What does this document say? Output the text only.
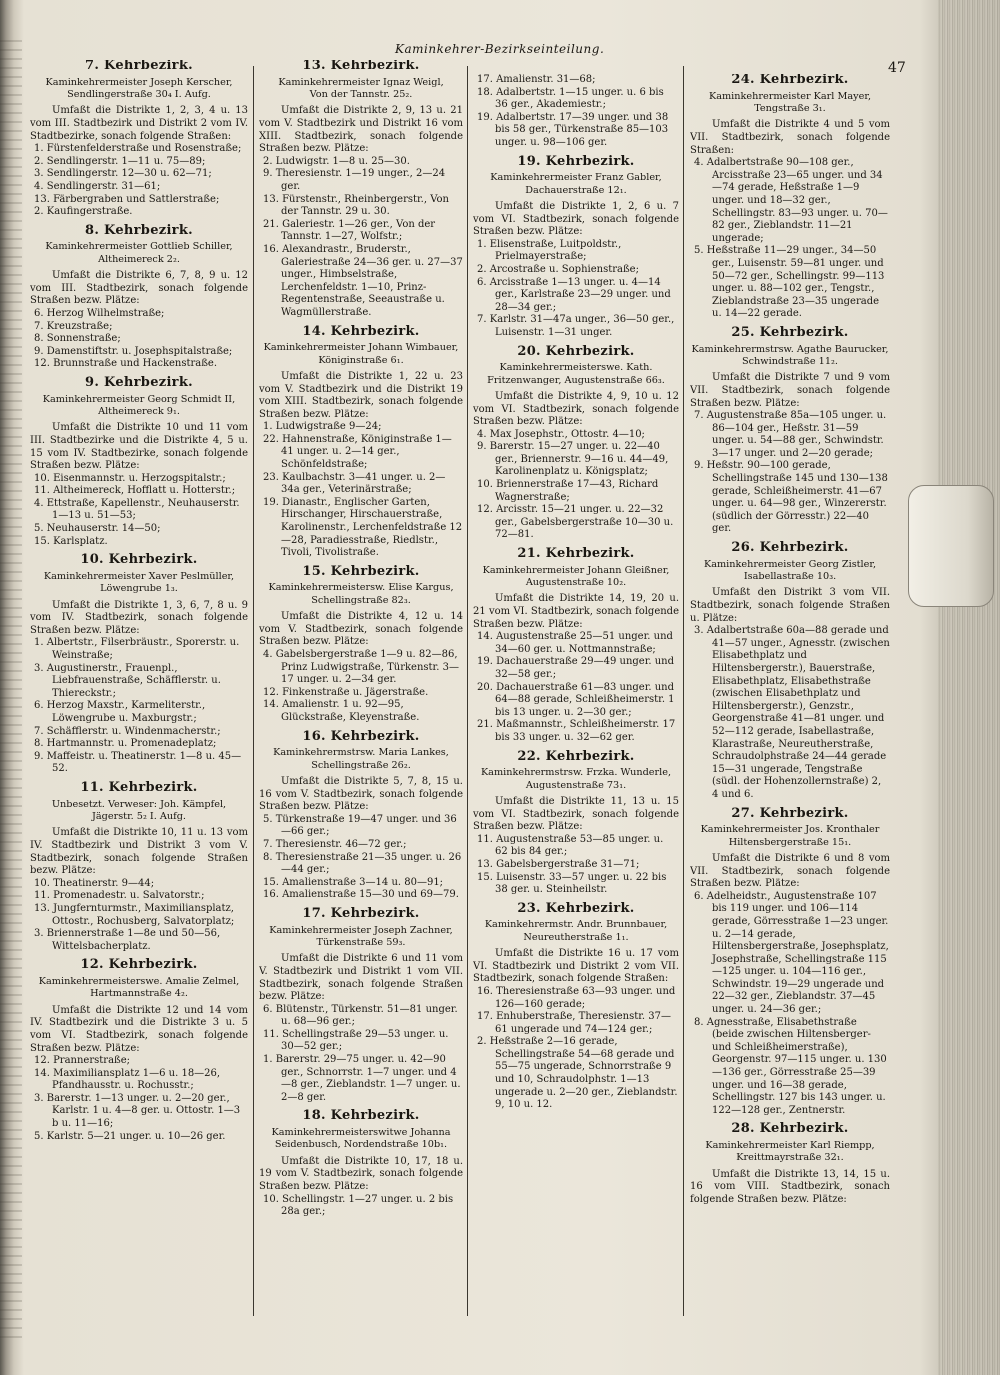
Kaminkehrer-Bezirkseinteilung.
47
7. Kehrbezirk.
Kaminkehrermeister Joseph Kerscher,
Sendlingerstraße 30₄ I. Aufg.
Umfaßt die Distrikte 1, 2, 3, 4 u. 13 vom III. Stadtbezirk und Distrikt 2 vom IV. Stadtbezirke, sonach folgende Straßen:
1. Fürstenfelderstraße und Rosenstraße;
2. Sendlingerstr. 1—11 u. 75—89;
3. Sendlingerstr. 12—30 u. 62—71;
4. Sendlingerstr. 31—61;
13. Färbergraben und Sattlerstraße;
2. Kaufingerstraße.
8. Kehrbezirk.
Kaminkehrermeister Gottlieb Schiller,
Altheimereck 2₂.
Umfaßt die Distrikte 6, 7, 8, 9 u. 12 vom III. Stadtbezirk, sonach folgende Straßen bezw. Plätze:
6. Herzog Wilhelmstraße;
7. Kreuzstraße;
8. Sonnenstraße;
9. Damenstiftstr. u. Josephspitalstraße;
12. Brunnstraße und Hackenstraße.
9. Kehrbezirk.
Kaminkehrermeister Georg Schmidt II,
Altheimereck 9₁.
Umfaßt die Distrikte 10 und 11 vom III. Stadtbezirke und die Distrikte 4, 5 u. 15 vom IV. Stadtbezirke, sonach folgende Straßen bezw. Plätze:
10. Eisenmannstr. u. Herzogspitalstr.;
11. Altheimereck, Hofflatt u. Hotterstr.;
4. Ettstraße, Kapellenstr., Neuhauserstr. 1—13 u. 51—53;
5. Neuhauserstr. 14—50;
15. Karlsplatz.
10. Kehrbezirk.
Kaminkehrermeister Xaver Peslmüller,
Löwengrube 1₃.
Umfaßt die Distrikte 1, 3, 6, 7, 8 u. 9 vom IV. Stadtbezirk, sonach folgende Straßen bezw. Plätze:
1. Albertstr., Filserbräustr., Sporerstr. u. Weinstraße;
3. Augustinerstr., Frauenpl., Liebfrauenstraße, Schäfflerstr. u. Thiereckstr.;
6. Herzog Maxstr., Karmeliterstr., Löwengrube u. Maxburgstr.;
7. Schäfflerstr. u. Windenmacherstr.;
8. Hartmannstr. u. Promenadeplatz;
9. Maffeistr. u. Theatinerstr. 1—8 u. 45—52.
11. Kehrbezirk.
Unbesetzt. Verweser: Joh. Kämpfel,
Jägerstr. 5₂ I. Aufg.
Umfaßt die Distrikte 10, 11 u. 13 vom IV. Stadtbezirk und Distrikt 3 vom V. Stadtbezirk, sonach folgende Straßen bezw. Plätze:
10. Theatinerstr. 9—44;
11. Promenadestr. u. Salvatorstr.;
13. Jungfernturmstr., Maximiliansplatz, Ottostr., Rochusberg, Salvatorplatz;
3. Briennerstraße 1—8e und 50—56, Wittelsbacherplatz.
12. Kehrbezirk.
Kaminkehrermeisterswe. Amalie Zelmel,
Hartmannstraße 4₂.
Umfaßt die Distrikte 12 und 14 vom IV. Stadtbezirk und die Distrikte 3 u. 5 vom VI. Stadtbezirk, sonach folgende Straßen bezw. Plätze:
12. Prannerstraße;
14. Maximiliansplatz 1—6 u. 18—26, Pfandhausstr. u. Rochusstr.;
3. Barerstr. 1—13 unger. u. 2—20 ger., Karlstr. 1 u. 4—8 ger. u. Ottostr. 1—3 b u. 11—16;
5. Karlstr. 5—21 unger. u. 10—26 ger.
13. Kehrbezirk.
Kaminkehrermeister Ignaz Weigl,
Von der Tannstr. 25₂.
Umfaßt die Distrikte 2, 9, 13 u. 21 vom V. Stadtbezirk und Distrikt 16 vom XIII. Stadtbezirk, sonach folgende Straßen bezw. Plätze:
2. Ludwigstr. 1—8 u. 25—30.
9. Theresienstr. 1—19 unger., 2—24 ger.
13. Fürstenstr., Rheinbergerstr., Von der Tannstr. 29 u. 30.
21. Galeriestr. 1—26 ger., Von der Tannstr. 1—27, Wolfstr.;
16. Alexandrastr., Bruderstr., Galeriestraße 24—36 ger. u. 27—37 unger., Himbselstraße, Lerchenfeldstr. 1—10, Prinz-Regentenstraße, Seeaustraße u. Wagmüllerstraße.
14. Kehrbezirk.
Kaminkehrermeister Johann Wimbauer,
Königinstraße 6₁.
Umfaßt die Distrikte 1, 22 u. 23 vom V. Stadtbezirk und die Distrikt 19 vom XIII. Stadtbezirk, sonach folgende Straßen bezw. Plätze:
1. Ludwigstraße 9—24;
22. Hahnenstraße, Königinstraße 1—41 unger. u. 2—14 ger., Schönfeldstraße;
23. Kaulbachstr. 3—41 unger. u. 2—34a ger., Veterinärstraße;
19. Dianastr., Englischer Garten, Hirschanger, Hirschauerstraße, Karolinenstr., Lerchenfeldstraße 12—28, Paradiesstraße, Riedlstr., Tivoli, Tivolistraße.
15. Kehrbezirk.
Kaminkehrermeistersw. Elise Kargus,
Schellingstraße 82₃.
Umfaßt die Distrikte 4, 12 u. 14 vom V. Stadtbezirk, sonach folgende Straßen bezw. Plätze:
4. Gabelsbergerstraße 1—9 u. 82—86, Prinz Ludwigstraße, Türkenstr. 3—17 unger. u. 2—34 ger.
12. Finkenstraße u. Jägerstraße.
14. Amalienstr. 1 u. 92—95, Glückstraße, Kleyenstraße.
16. Kehrbezirk.
Kaminkehrermstrsw. Maria Lankes,
Schellingstraße 26₂.
Umfaßt die Distrikte 5, 7, 8, 15 u. 16 vom V. Stadtbezirk, sonach folgende Straßen bezw. Plätze:
5. Türkenstraße 19—47 unger. und 36—66 ger.;
7. Theresienstr. 46—72 ger.;
8. Theresienstraße 21—35 unger. u. 26—44 ger.;
15. Amalienstraße 3—14 u. 80—91;
16. Amalienstraße 15—30 und 69—79.
17. Kehrbezirk.
Kaminkehrermeister Joseph Zachner,
Türkenstraße 59₃.
Umfaßt die Distrikte 6 und 11 vom V. Stadtbezirk und Distrikt 1 vom VII. Stadtbezirk, sonach folgende Straßen bezw. Plätze:
6. Blütenstr., Türkenstr. 51—81 unger. u. 68—96 ger.;
11. Schellingstraße 29—53 unger. u. 30—52 ger.;
1. Barerstr. 29—75 unger. u. 42—90 ger., Schnorrstr. 1—7 unger. und 4—8 ger., Zieblandstr. 1—7 unger. u. 2—8 ger.
18. Kehrbezirk.
Kaminkehrermeisterswitwe Johanna
Seidenbusch, Nordendstraße 10b₁.
Umfaßt die Distrikte 10, 17, 18 u. 19 vom V. Stadtbezirk, sonach folgende Straßen bezw. Plätze:
10. Schellingstr. 1—27 unger. u. 2 bis 28a ger.;
17. Amalienstr. 31—68;
18. Adalbertstr. 1—15 unger. u. 6 bis 36 ger., Akademiestr.;
19. Adalbertstr. 17—39 unger. und 38 bis 58 ger., Türkenstraße 85—103 unger. u. 98—106 ger.
19. Kehrbezirk.
Kaminkehrermeister Franz Gabler,
Dachauerstraße 12₁.
Umfaßt die Distrikte 1, 2, 6 u. 7 vom VI. Stadtbezirk, sonach folgende Straßen bezw. Plätze:
1. Elisenstraße, Luitpoldstr., Prielmayerstraße;
2. Arcostraße u. Sophienstraße;
6. Arcisstraße 1—13 unger. u. 4—14 ger., Karlstraße 23—29 unger. und 28—34 ger.;
7. Karlstr. 31—47a unger., 36—50 ger., Luisenstr. 1—31 unger.
20. Kehrbezirk.
Kaminkehrermeisterswe. Kath. Fritzenwanger, Augustenstraße 66₃.
Umfaßt die Distrikte 4, 9, 10 u. 12 vom VI. Stadtbezirk, sonach folgende Straßen bezw. Plätze:
4. Max Josephstr., Ottostr. 4—10;
9. Barerstr. 15—27 unger. u. 22—40 ger., Briennerstr. 9—16 u. 44—49, Karolinenplatz u. Königsplatz;
10. Briennerstraße 17—43, Richard Wagnerstraße;
12. Arcisstr. 15—21 unger. u. 22—32 ger., Gabelsbergerstraße 10—30 u. 72—81.
21. Kehrbezirk.
Kaminkehrermeister Johann Gleißner,
Augustenstraße 10₂.
Umfaßt die Distrikte 14, 19, 20 u. 21 vom VI. Stadtbezirk, sonach folgende Straßen bezw. Plätze:
14. Augustenstraße 25—51 unger. und 34—60 ger. u. Nottmannstraße;
19. Dachauerstraße 29—49 unger. und 32—58 ger.;
20. Dachauerstraße 61—83 unger. und 64—88 gerade, Schleißheimerstr. 1 bis 13 unger. u. 2—30 ger.;
21. Maßmannstr., Schleißheimerstr. 17 bis 33 unger. u. 32—62 ger.
22. Kehrbezirk.
Kaminkehrermstrsw. Frzka. Wunderle,
Augustenstraße 73₁.
Umfaßt die Distrikte 11, 13 u. 15 vom VI. Stadtbezirk, sonach folgende Straßen bezw. Plätze:
11. Augustenstraße 53—85 unger. u. 62 bis 84 ger.;
13. Gabelsbergerstraße 31—71;
15. Luisenstr. 33—57 unger. u. 22 bis 38 ger. u. Steinheilstr.
23. Kehrbezirk.
Kaminkehrermstr. Andr. Brunnbauer,
Neureutherstraße 1₁.
Umfaßt die Distrikte 16 u. 17 vom VI. Stadtbezirk und Distrikt 2 vom VII. Stadtbezirk, sonach folgende Straßen:
16. Theresienstraße 63—93 unger. und 126—160 gerade;
17. Enhuberstraße, Theresienstr. 37—61 ungerade und 74—124 ger.;
2. Heßstraße 2—16 gerade, Schellingstraße 54—68 gerade und 55—75 ungerade, Schnorrstraße 9 und 10, Schraudolphstr. 1—13 ungerade u. 2—20 ger., Zieblandstr. 9, 10 u. 12.
24. Kehrbezirk.
Kaminkehrermeister Karl Mayer,
Tengstraße 3₁.
Umfaßt die Distrikte 4 und 5 vom VII. Stadtbezirk, sonach folgende Straßen:
4. Adalbertstraße 90—108 ger., Arcisstraße 23—65 unger. und 34—74 gerade, Heßstraße 1—9 unger. und 18—32 ger., Schellingstr. 83—93 unger. u. 70—82 ger., Zieblandstr. 11—21 ungerade;
5. Heßstraße 11—29 unger., 34—50 ger., Luisenstr. 59—81 unger. und 50—72 ger., Schellingstr. 99—113 unger. u. 88—102 ger., Tengstr., Zieblandstraße 23—35 ungerade u. 14—22 gerade.
25. Kehrbezirk.
Kaminkehrermstrsw. Agathe Baurucker,
Schwindstraße 11₂.
Umfaßt die Distrikte 7 und 9 vom VII. Stadtbezirk, sonach folgende Straßen bezw. Plätze:
7. Augustenstraße 85a—105 unger. u. 86—104 ger., Heßstr. 31—59 unger. u. 54—88 ger., Schwindstr. 3—17 unger. und 2—20 gerade;
9. Heßstr. 90—100 gerade, Schellingstraße 145 und 130—138 gerade, Schleißheimerstr. 41—67 unger. u. 64—98 ger., Winzererstr. (südlich der Görresstr.) 22—40 ger.
26. Kehrbezirk.
Kaminkehrermeister Georg Zistler,
Isabellastraße 10₃.
Umfaßt den Distrikt 3 vom VII. Stadtbezirk, sonach folgende Straßen u. Plätze:
3. Adalbertstraße 60a—88 gerade und 41—57 unger., Agnesstr. (zwischen Elisabethplatz und Hiltensbergerstr.), Bauerstraße, Elisabethplatz, Elisabethstraße (zwischen Elisabethplatz und Hiltensbergerstr.), Genzstr., Georgenstraße 41—81 unger. und 52—112 gerade, Isabellastraße, Klarastraße, Neureutherstraße, Schraudolphstraße 24—44 gerade 15—31 ungerade, Tengstraße (südl. der Hohenzollernstraße) 2, 4 und 6.
27. Kehrbezirk.
Kaminkehrermeister Jos. Kronthaler
Hiltensbergerstraße 15₁.
Umfaßt die Distrikte 6 und 8 vom VII. Stadtbezirk, sonach folgende Straßen bezw. Plätze:
6. Adelheidstr., Augustenstraße 107 bis 119 unger. und 106—114 gerade, Görresstraße 1—23 unger. u. 2—14 gerade, Hiltensbergerstraße, Josephsplatz, Josephstraße, Schellingstraße 115—125 unger. u. 104—116 ger., Schwindstr. 19—29 ungerade und 22—32 ger., Zieblandstr. 37—45 unger. u. 24—36 ger.;
8. Agnesstraße, Elisabethstraße (beide zwischen Hiltensberger- und Schleißheimerstraße), Georgenstr. 97—115 unger. u. 130—136 ger., Görresstraße 25—39 unger. und 16—38 gerade, Schellingstr. 127 bis 143 unger. u. 122—128 ger., Zentnerstr.
28. Kehrbezirk.
Kaminkehrermeister Karl Riempp,
Kreittmayrstraße 32₁.
Umfaßt die Distrikte 13, 14, 15 u. 16 vom VIII. Stadtbezirk, sonach folgende Straßen bezw. Plätze:
